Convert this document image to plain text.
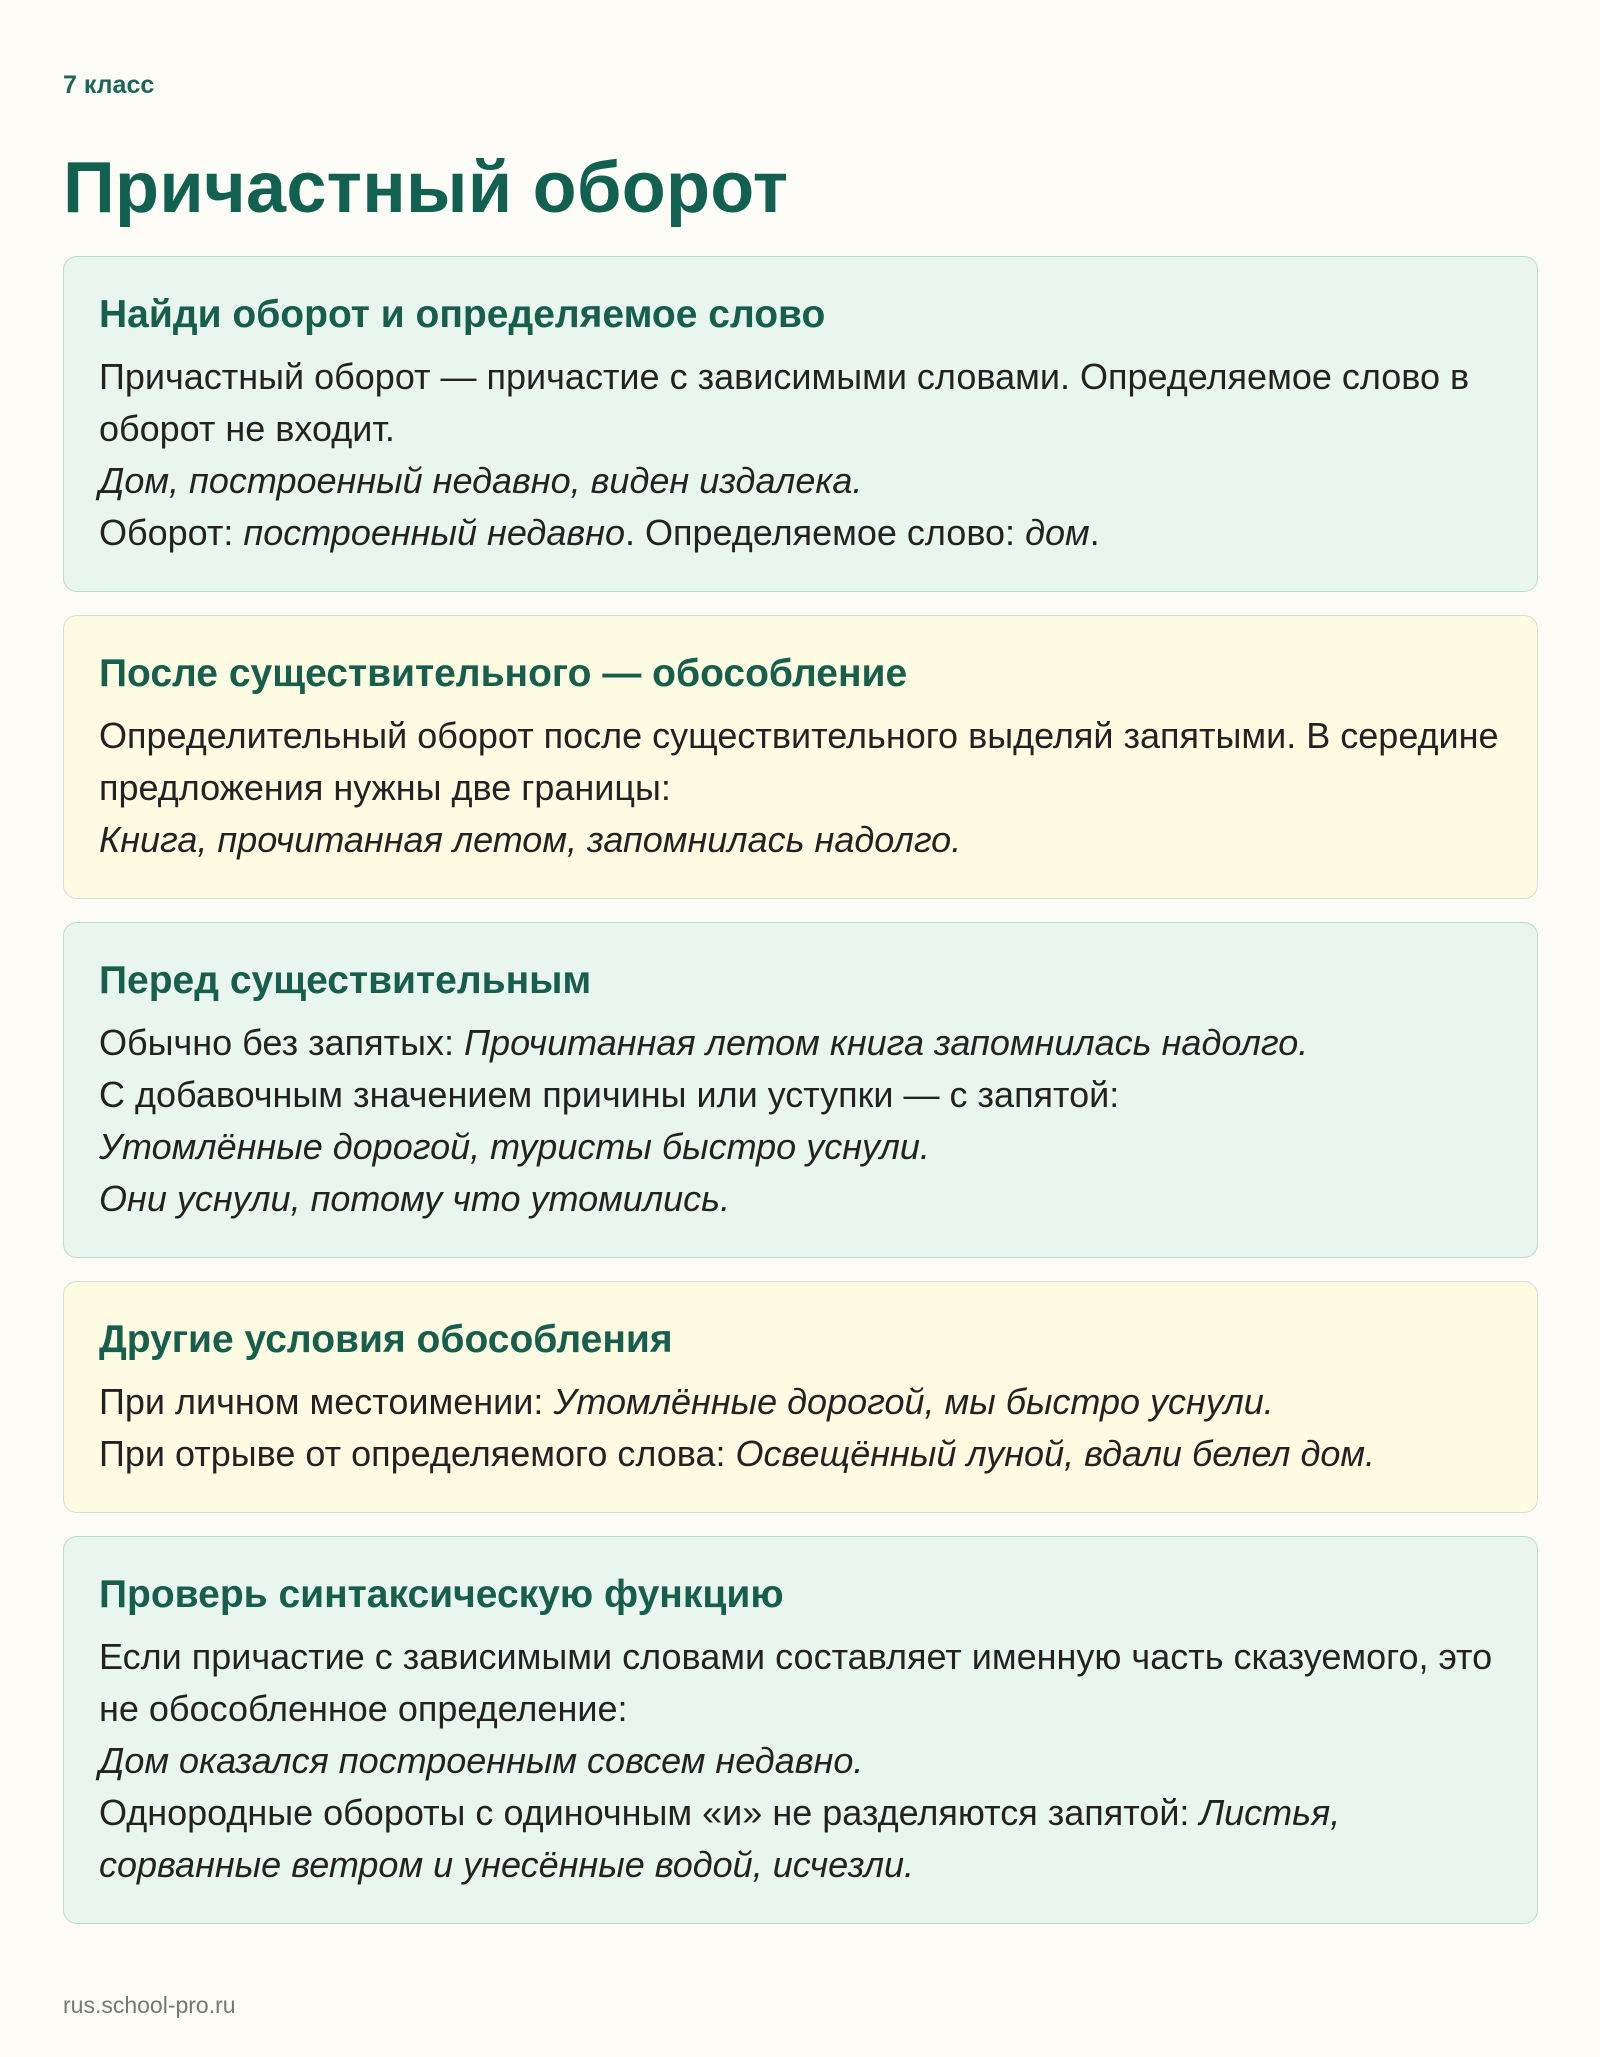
7 класс
Причастный оборот
Найди оборот и определяемое слово

Причастный оборот — причастие с зависимыми словами. Определяемое слово в оборот не входит.

Дом, построенный недавно, виден издалека.

Оборот: построенный недавно. Определяемое слово: дом.

После существительного — обособление

Определительный оборот после существительного выделяй запятыми. В середине предложения нужны две границы:

Книга, прочитанная летом, запомнилась надолго.

Перед существительным

Обычно без запятых: Прочитанная летом книга запомнилась надолго.

С добавочным значением причины или уступки — с запятой:

Утомлённые дорогой, туристы быстро уснули.

Они уснули, потому что утомились.

Другие условия обособления

При личном местоимении: Утомлённые дорогой, мы быстро уснули.

При отрыве от определяемого слова: Освещённый луной, вдали белел дом.

Проверь синтаксическую функцию

Если причастие с зависимыми словами составляет именную часть сказуемого, это не обособленное определение:

Дом оказался построенным совсем недавно.

Однородные обороты с одиночным «и» не разделяются запятой: Листья, сорванные ветром и унесённые водой, исчезли.

rus.school-pro.ru
